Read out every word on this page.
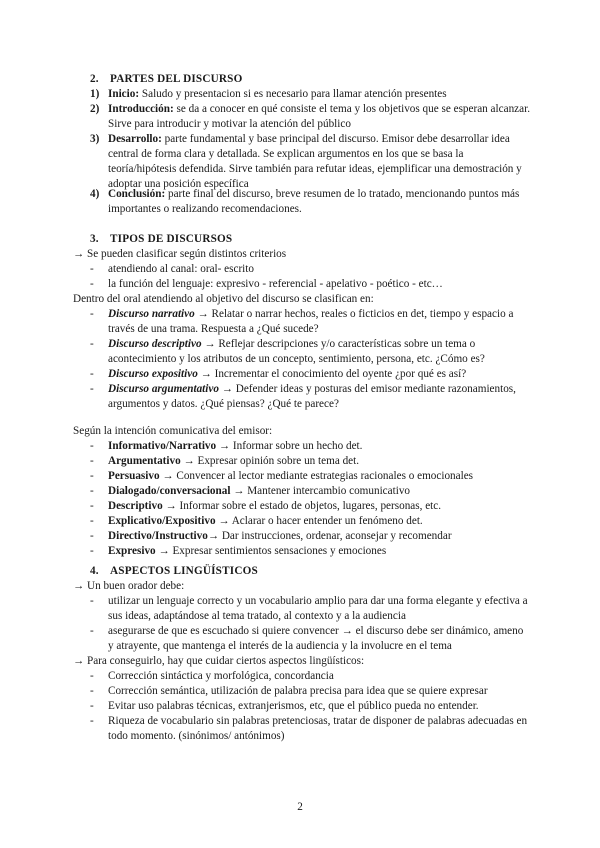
2. PARTES DEL DISCURSO
1) Inicio: Saludo y presentacion si es necesario para llamar atención presentes
2) Introducción: se da a conocer en qué consiste el tema y los objetivos que se esperan alcanzar. Sirve para introducir y motivar la atención del público
3) Desarrollo: parte fundamental y base principal del discurso. Emisor debe desarrollar idea central de forma clara y detallada. Se explican argumentos en los que se basa la teoría/hipótesis defendida. Sirve también para refutar ideas, ejemplificar una demostración y adoptar una posición específica
4) Conclusión: parte final del discurso, breve resumen de lo tratado, mencionando puntos más importantes o realizando recomendaciones.
3. TIPOS DE DISCURSOS
→ Se pueden clasificar según distintos criterios
- atendiendo al canal: oral- escrito
- la función del lenguaje: expresivo - referencial - apelativo - poético - etc…
Dentro del oral atendiendo al objetivo del discurso se clasifican en:
- Discurso narrativo → Relatar o narrar hechos, reales o ficticios en det, tiempo y espacio a través de una trama. Respuesta a ¿Qué sucede?
- Discurso descriptivo → Reflejar descripciones y/o características sobre un tema o acontecimiento y los atributos de un concepto, sentimiento, persona, etc. ¿Cómo es?
- Discurso expositivo → Incrementar el conocimiento del oyente ¿por qué es así?
- Discurso argumentativo → Defender ideas y posturas del emisor mediante razonamientos, argumentos y datos. ¿Qué piensas? ¿Qué te parece?
Según la intención comunicativa del emisor:
- Informativo/Narrativo → Informar sobre un hecho det.
- Argumentativo → Expresar opinión sobre un tema det.
- Persuasivo → Convencer al lector mediante estrategias racionales o emocionales
- Dialogado/conversacional → Mantener intercambio comunicativo
- Descriptivo → Informar sobre el estado de objetos, lugares, personas, etc.
- Explicativo/Expositivo → Aclarar o hacer entender un fenómeno det.
- Directivo/Instructivo→ Dar instrucciones, ordenar, aconsejar y recomendar
- Expresivo → Expresar sentimientos sensaciones y emociones
4. ASPECTOS LINGÜÍSTICOS
→ Un buen orador debe:
- utilizar un lenguaje correcto y un vocabulario amplio para dar una forma elegante y efectiva a sus ideas, adaptándose al tema tratado, al contexto y a la audiencia
- asegurarse de que es escuchado si quiere convencer → el discurso debe ser dinámico, ameno y atrayente, que mantenga el interés de la audiencia y la involucre en el tema
→ Para conseguirlo, hay que cuidar ciertos aspectos lingüísticos:
- Corrección sintáctica y morfológica, concordancia
- Corrección semántica, utilización de palabra precisa para idea que se quiere expresar
- Evitar uso palabras técnicas, extranjerismos, etc, que el público pueda no entender.
- Riqueza de vocabulario sin palabras pretenciosas, tratar de disponer de palabras adecuadas en todo momento. (sinónimos/ antónimos)
2
